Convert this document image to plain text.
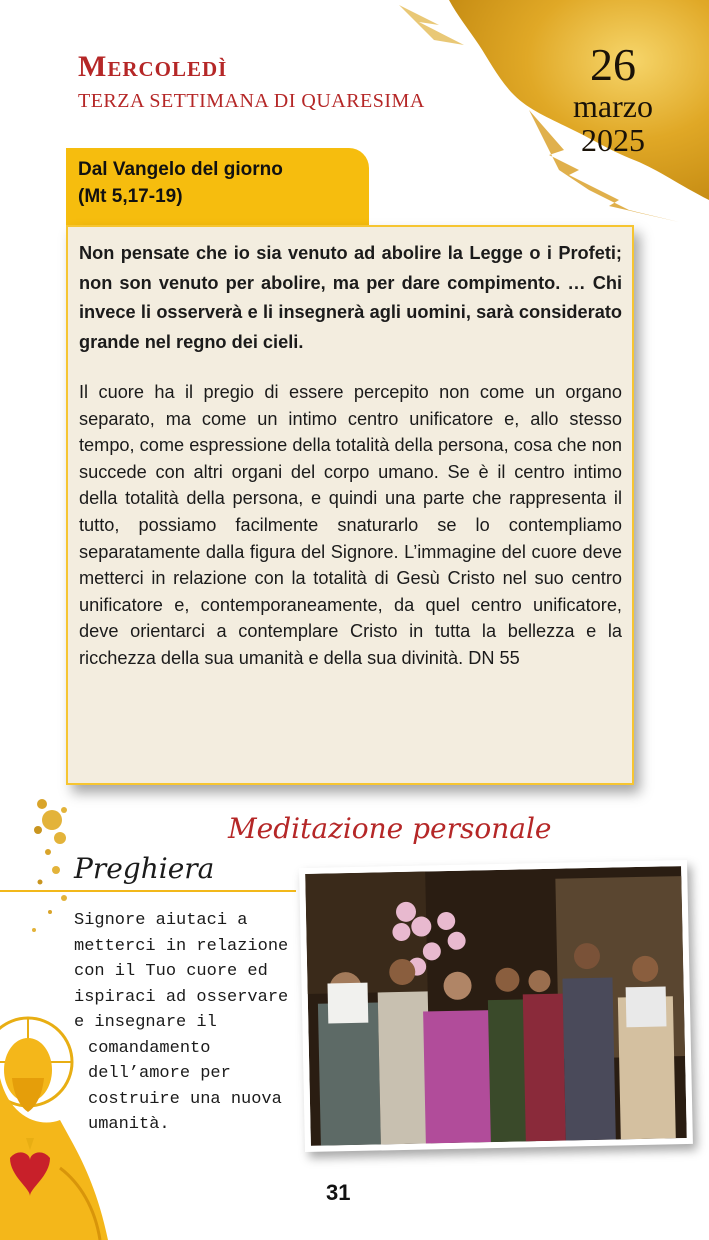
Mercoledì
TERZA SETTIMANA DI QUARESIMA
26
marzo
2025
Dal Vangelo del giorno
(Mt 5,17-19)

Non pensate che io sia venuto ad abolire la Legge o i Profeti; non son venuto per abolire, ma per dare compimento. … Chi invece li osserverà e li insegnerà agli uomini, sarà considerato grande nel regno dei cieli.

Il cuore ha il pregio di essere percepito non come un organo separato, ma come un intimo centro unificatore e, allo stesso tempo, come espressione della totalità della persona, cosa che non succede con altri organi del corpo umano. Se è il centro intimo della totalità della persona, e quindi una parte che rappresenta il tutto, possiamo facilmente snaturarlo se lo contempliamo separatamente dalla figura del Signore. L’immagine del cuore deve metterci in relazione con la totalità di Gesù Cristo nel suo centro unificatore e, contemporaneamente, da quel centro unificatore, deve orientarci a contemplare Cristo in tutta la bellezza e la ricchezza della sua umanità e della sua divinità. DN 55

Meditazione personale
Preghiera
Signore aiutaci a
metterci in relazione
con il Tuo cuore ed
ispiraci ad osservare
e insegnare il
comandamento
dell’amore per
costruire una nuova
umanità.
31
